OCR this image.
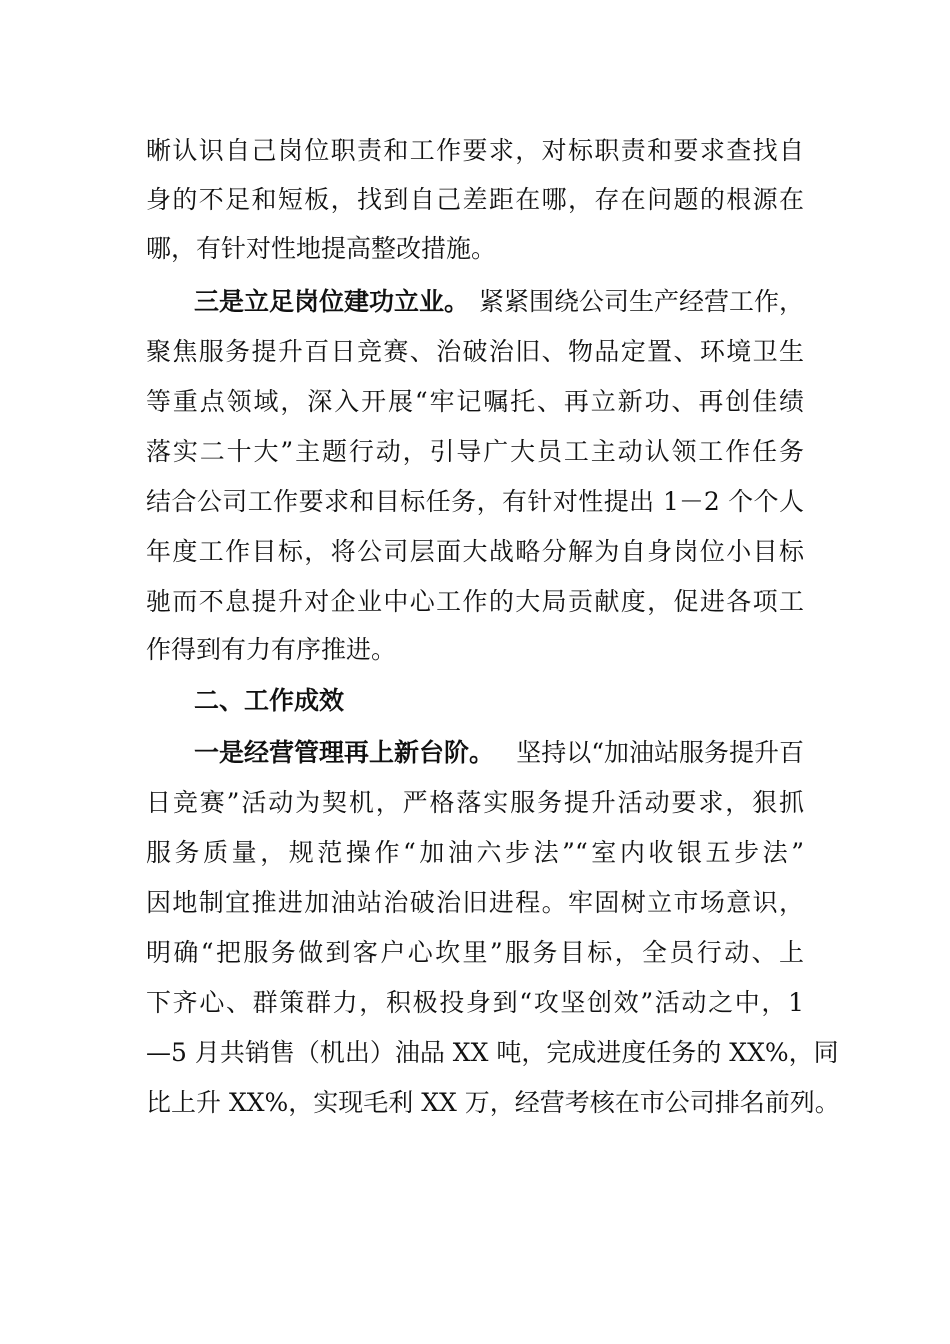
晰认识自己岗位职责和工作要求，对标职责和要求查找自
身的不足和短板，找到自己差距在哪，存在问题的根源在
哪，有针对性地提高整改措施。
三是立足岗位建功立业。 紧紧围绕公司生产经营工作，
聚焦服务提升百日竞赛、治破治旧、物品定置、环境卫生
等重点领域，深入开展“牢记嘱托、再立新功、再创佳绩
落实二十大”主题行动，引导广大员工主动认领工作任务
结合公司工作要求和目标任务，有针对性提出 1－2 个个人
年度工作目标，将公司层面大战略分解为自身岗位小目标
驰而不息提升对企业中心工作的大局贡献度，促进各项工
作得到有力有序推进。
二、工作成效
一是经营管理再上新台阶。 坚持以“加油站服务提升百
日竞赛”活动为契机，严格落实服务提升活动要求，狠抓
服务质量，规范操作“加油六步法”“室内收银五步法”
因地制宜推进加油站治破治旧进程。牢固树立市场意识，
明确“把服务做到客户心坎里”服务目标，全员行动、上
下齐心、群策群力，积极投身到“攻坚创效”活动之中，1
—5 月共销售（机出）油品 XX 吨，完成进度任务的 XX%，同
比上升 XX%，实现毛利 XX 万，经营考核在市公司排名前列。
